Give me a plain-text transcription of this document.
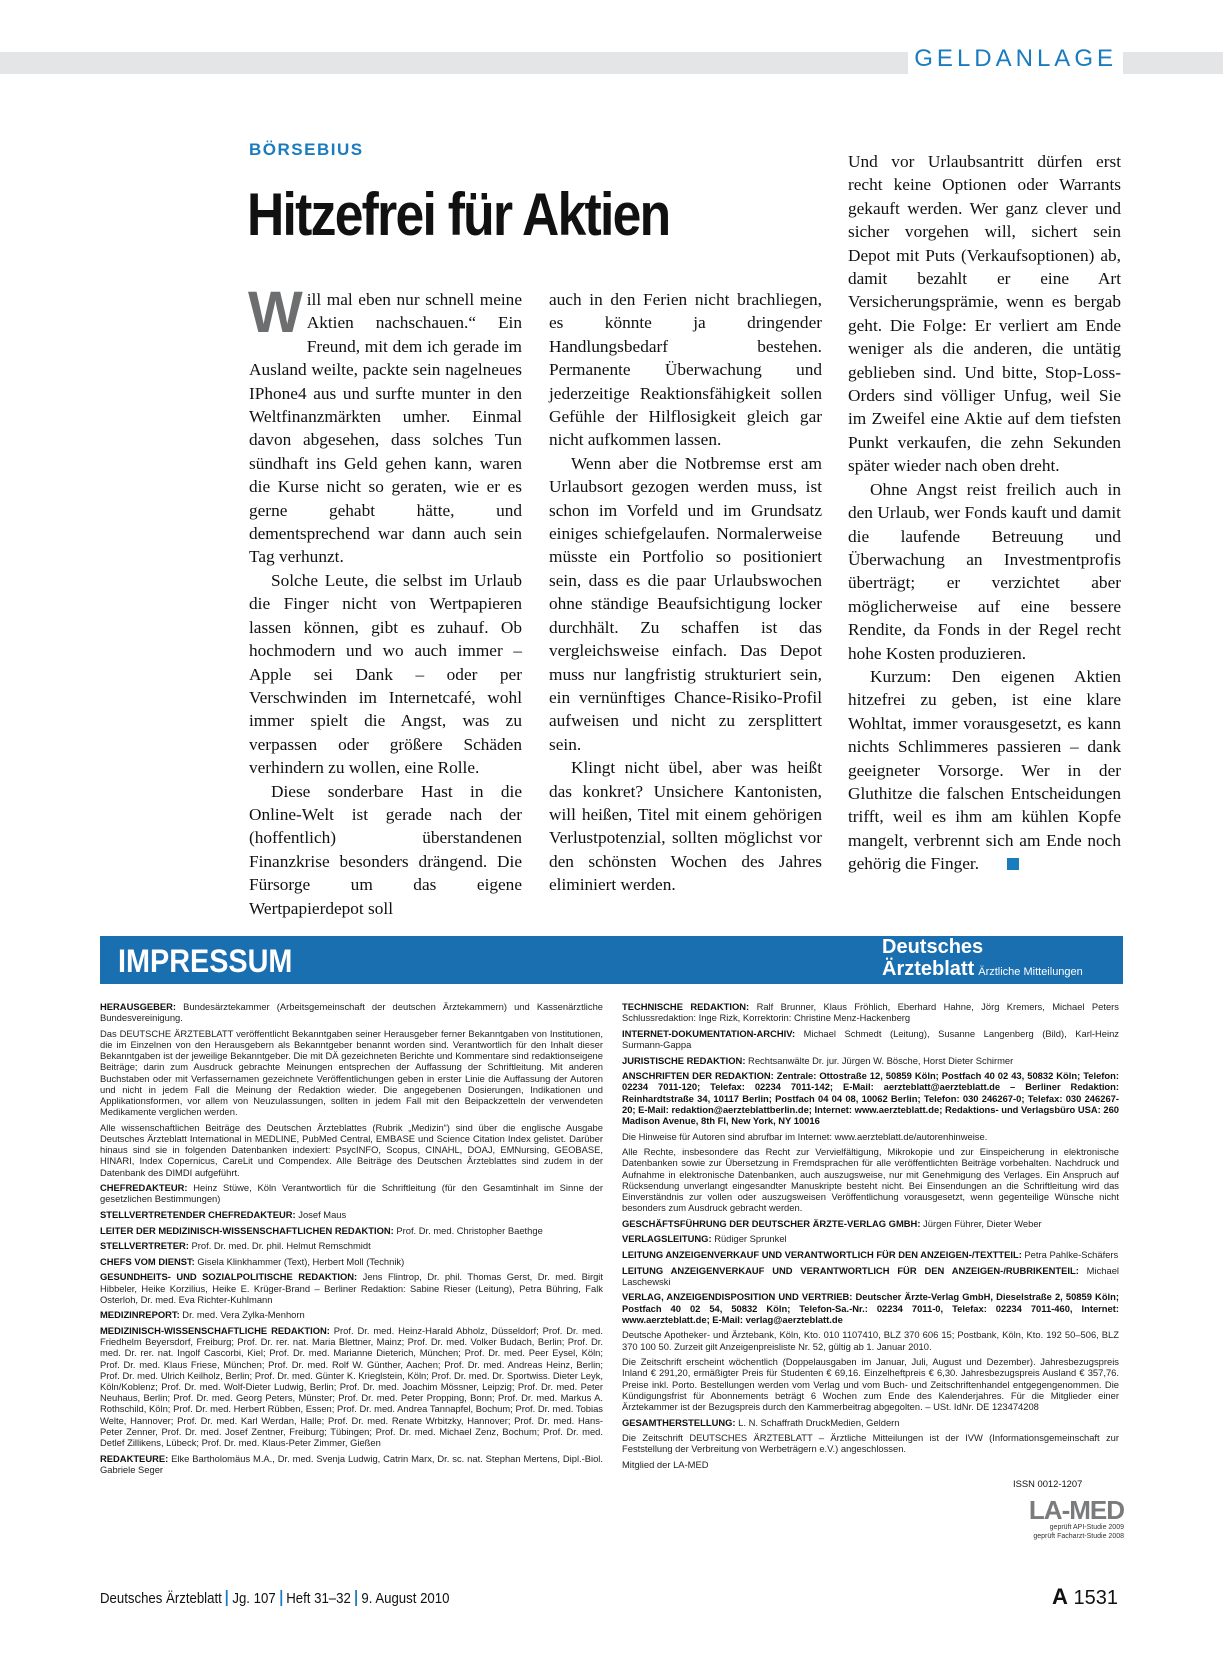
GELDANLAGE
BÖRSEBIUS
Hitzefrei für Aktien

Will mal eben nur schnell meine Aktien nachschauen.“ Ein Freund, mit dem ich gerade im Ausland weilte, packte sein nagelneues IPhone4 aus und surfte munter in den Weltfinanzmärkten umher. Einmal davon abgesehen, dass solches Tun sündhaft ins Geld gehen kann, waren die Kurse nicht so geraten, wie er es gerne gehabt hätte, und dementsprechend war dann auch sein Tag verhunzt.

Solche Leute, die selbst im Urlaub die Finger nicht von Wertpapieren lassen können, gibt es zuhauf. Ob hochmodern und wo auch immer – Apple sei Dank – oder per Verschwinden im Internetcafé, wohl immer spielt die Angst, was zu verpassen oder größere Schäden verhindern zu wollen, eine Rolle.

Diese sonderbare Hast in die Online-Welt ist gerade nach der (hoffentlich) überstandenen Finanzkrise besonders drängend. Die Fürsorge um das eigene Wertpapierdepot soll

auch in den Ferien nicht brachliegen, es könnte ja dringender Handlungsbedarf bestehen. Permanente Überwachung und jederzeitige Reaktionsfähigkeit sollen Gefühle der Hilflosigkeit gleich gar nicht aufkommen lassen.

Wenn aber die Notbremse erst am Urlaubsort gezogen werden muss, ist schon im Vorfeld und im Grundsatz einiges schiefgelaufen. Normalerweise müsste ein Portfolio so positioniert sein, dass es die paar Urlaubswochen ohne ständige Beaufsichtigung locker durchhält. Zu schaffen ist das vergleichsweise einfach. Das Depot muss nur langfristig strukturiert sein, ein vernünftiges Chance-Risiko-Profil aufweisen und nicht zu zersplittert sein.

Klingt nicht übel, aber was heißt das konkret? Unsichere Kantonisten, will heißen, Titel mit einem gehörigen Verlustpotenzial, sollten möglichst vor den schönsten Wochen des Jahres eliminiert werden.

Und vor Urlaubsantritt dürfen erst recht keine Optionen oder Warrants gekauft werden. Wer ganz clever und sicher vorgehen will, sichert sein Depot mit Puts (Verkaufsoptionen) ab, damit bezahlt er eine Art Versicherungsprämie, wenn es bergab geht. Die Folge: Er verliert am Ende weniger als die anderen, die untätig geblieben sind. Und bitte, Stop-Loss-Orders sind völliger Unfug, weil Sie im Zweifel eine Aktie auf dem tiefsten Punkt verkaufen, die zehn Sekunden später wieder nach oben dreht.

Ohne Angst reist freilich auch in den Urlaub, wer Fonds kauft und damit die laufende Betreuung und Überwachung an Investmentprofis überträgt; er verzichtet aber möglicherweise auf eine bessere Rendite, da Fonds in der Regel recht hohe Kosten produzieren.

Kurzum: Den eigenen Aktien hitzefrei zu geben, ist eine klare Wohltat, immer vorausgesetzt, es kann nichts Schlimmeres passieren – dank geeigneter Vorsorge. Wer in der Gluthitze die falschen Entscheidungen trifft, weil es ihm am kühlen Kopfe mangelt, verbrennt sich am Ende noch gehörig die Finger.

IMPRESSUM	Deutsches
Ärzteblatt Ärztliche Mitteilungen
HERAUSGEBER: Bundesärztekammer (Arbeitsgemeinschaft der deutschen Ärztekammern) und Kassenärztliche Bundesvereinigung.
Das DEUTSCHE ÄRZTEBLATT veröffentlicht Bekanntgaben seiner Herausgeber ferner Bekanntgaben von Institutionen, die im Einzelnen von den Herausgebern als Bekanntgeber benannt worden sind. Verantwortlich für den Inhalt dieser Bekanntgaben ist der jeweilige Bekanntgeber. Die mit DÄ gezeichneten Berichte und Kommentare sind redaktionseigene Beiträge; darin zum Ausdruck gebrachte Meinungen entsprechen der Auffassung der Schriftleitung. Mit anderen Buchstaben oder mit Verfassernamen gezeichnete Veröffentlichungen geben in erster Linie die Auffassung der Autoren und nicht in jedem Fall die Meinung der Redaktion wieder. Die angegebenen Dosierungen, Indikationen und Applikationsformen, vor allem von Neuzulassungen, sollten in jedem Fall mit den Beipackzetteln der verwendeten Medikamente verglichen werden.
Alle wissenschaftlichen Beiträge des Deutschen Ärzteblattes (Rubrik „Medizin“) sind über die englische Ausgabe Deutsches Ärzteblatt International in MEDLINE, PubMed Central, EMBASE und Science Citation Index gelistet. Darüber hinaus sind sie in folgenden Datenbanken indexiert: PsycINFO, Scopus, CINAHL, DOAJ, EMNursing, GEOBASE, HINARI, Index Copernicus, CareLit und Compendex. Alle Beiträge des Deutschen Ärzteblattes sind zudem in der Datenbank des DIMDI aufgeführt.
CHEFREDAKTEUR: Heinz Stüwe, Köln Verantwortlich für die Schriftleitung (für den Gesamtinhalt im Sinne der gesetzlichen Bestimmungen)
STELLVERTRETENDER CHEFREDAKTEUR: Josef Maus
LEITER DER MEDIZINISCH-WISSENSCHAFTLICHEN REDAKTION: Prof. Dr. med. Christopher Baethge
STELLVERTRETER: Prof. Dr. med. Dr. phil. Helmut Remschmidt
CHEFS VOM DIENST: Gisela Klinkhammer (Text), Herbert Moll (Technik)
GESUNDHEITS- UND SOZIALPOLITISCHE REDAKTION: Jens Flintrop, Dr. phil. Thomas Gerst, Dr. med. Birgit Hibbeler, Heike Korzilius, Heike E. Krüger-Brand – Berliner Redaktion: Sabine Rieser (Leitung), Petra Bühring, Falk Osterloh, Dr. med. Eva Richter-Kuhlmann
MEDIZINREPORT: Dr. med. Vera Zylka-Menhorn
MEDIZINISCH-WISSENSCHAFTLICHE REDAKTION: Prof. Dr. med. Heinz-Harald Abholz, Düsseldorf; Prof. Dr. med. Friedhelm Beyersdorf, Freiburg; Prof. Dr. rer. nat. Maria Blettner, Mainz; Prof. Dr. med. Volker Budach, Berlin; Prof. Dr. med. Dr. rer. nat. Ingolf Cascorbi, Kiel; Prof. Dr. med. Marianne Dieterich, München; Prof. Dr. med. Peer Eysel, Köln; Prof. Dr. med. Klaus Friese, München; Prof. Dr. med. Rolf W. Günther, Aachen; Prof. Dr. med. Andreas Heinz, Berlin; Prof. Dr. med. Ulrich Keilholz, Berlin; Prof. Dr. med. Günter K. Krieglstein, Köln; Prof. Dr. med. Dr. Sportwiss. Dieter Leyk, Köln/Koblenz; Prof. Dr. med. Wolf-Dieter Ludwig, Berlin; Prof. Dr. med. Joachim Mössner, Leipzig; Prof. Dr. med. Peter Neuhaus, Berlin; Prof. Dr. med. Georg Peters, Münster; Prof. Dr. med. Peter Propping, Bonn; Prof. Dr. med. Markus A. Rothschild, Köln; Prof. Dr. med. Herbert Rübben, Essen; Prof. Dr. med. Andrea Tannapfel, Bochum; Prof. Dr. med. Tobias Welte, Hannover; Prof. Dr. med. Karl Werdan, Halle; Prof. Dr. med. Renate Wrbitzky, Hannover; Prof. Dr. med. Hans-Peter Zenner, Prof. Dr. med. Josef Zentner, Freiburg; Tübingen; Prof. Dr. med. Michael Zenz, Bochum; Prof. Dr. med. Detlef Zillikens, Lübeck; Prof. Dr. med. Klaus-Peter Zimmer, Gießen
REDAKTEURE: Elke Bartholomäus M.A., Dr. med. Svenja Ludwig, Catrin Marx, Dr. sc. nat. Stephan Mertens, Dipl.-Biol. Gabriele Seger
TECHNISCHE REDAKTION: Ralf Brunner, Klaus Fröhlich, Eberhard Hahne, Jörg Kremers, Michael Peters Schlussredaktion: Inge Rizk, Korrektorin: Christine Menz-Hackenberg
INTERNET-DOKUMENTATION-ARCHIV: Michael Schmedt (Leitung), Susanne Langenberg (Bild), Karl-Heinz Surmann-Gappa
JURISTISCHE REDAKTION: Rechtsanwälte Dr. jur. Jürgen W. Bösche, Horst Dieter Schirmer
ANSCHRIFTEN DER REDAKTION: Zentrale: Ottostraße 12, 50859 Köln; Postfach 40 02 43, 50832 Köln; Telefon: 02234 7011-120; Telefax: 02234 7011-142; E-Mail: aerzteblatt@aerzteblatt.de – Berliner Redaktion: Reinhardtstraße 34, 10117 Berlin; Postfach 04 04 08, 10062 Berlin; Telefon: 030 246267-0; Telefax: 030 246267-20; E-Mail: redaktion@aerzteblattberlin.de; Internet: www.aerzteblatt.de; Redaktions- und Verlagsbüro USA: 260 Madison Avenue, 8th Fl, New York, NY 10016
Die Hinweise für Autoren sind abrufbar im Internet: www.aerzteblatt.de/autorenhinweise.
Alle Rechte, insbesondere das Recht zur Vervielfältigung, Mikrokopie und zur Einspeicherung in elektronische Datenbanken sowie zur Übersetzung in Fremdsprachen für alle veröffentlichten Beiträge vorbehalten. Nachdruck und Aufnahme in elektronische Datenbanken, auch auszugsweise, nur mit Genehmigung des Verlages. Ein Anspruch auf Rücksendung unverlangt eingesandter Manuskripte besteht nicht. Bei Einsendungen an die Schriftleitung wird das Einverständnis zur vollen oder auszugsweisen Veröffentlichung vorausgesetzt, wenn gegenteilige Wünsche nicht besonders zum Ausdruck gebracht werden.
GESCHÄFTSFÜHRUNG DER DEUTSCHER ÄRZTE-VERLAG GMBH: Jürgen Führer, Dieter Weber
VERLAGSLEITUNG: Rüdiger Sprunkel
LEITUNG ANZEIGENVERKAUF UND VERANTWORTLICH FÜR DEN ANZEIGEN-/TEXTTEIL: Petra Pahlke-Schäfers
LEITUNG ANZEIGENVERKAUF UND VERANTWORTLICH FÜR DEN ANZEIGEN-/RUBRIKENTEIL: Michael Laschewski
VERLAG, ANZEIGENDISPOSITION UND VERTRIEB: Deutscher Ärzte-Verlag GmbH, Dieselstraße 2, 50859 Köln; Postfach 40 02 54, 50832 Köln; Telefon-Sa.-Nr.: 02234 7011-0, Telefax: 02234 7011-460, Internet: www.aerzteblatt.de; E-Mail: verlag@aerzteblatt.de
Deutsche Apotheker- und Ärztebank, Köln, Kto. 010 1107410, BLZ 370 606 15; Postbank, Köln, Kto. 192 50–506, BLZ 370 100 50. Zurzeit gilt Anzeigenpreisliste Nr. 52, gültig ab 1. Januar 2010.
Die Zeitschrift erscheint wöchentlich (Doppelausgaben im Januar, Juli, August und Dezember). Jahresbezugspreis Inland € 291,20, ermäßigter Preis für Studenten € 69,16. Einzelheftpreis € 6,30. Jahresbezugspreis Ausland € 357,76. Preise inkl. Porto. Bestellungen werden vom Verlag und vom Buch- und Zeitschriftenhandel entgegengenommen. Die Kündigungsfrist für Abonnements beträgt 6 Wochen zum Ende des Kalenderjahres. Für die Mitglieder einer Ärztekammer ist der Bezugspreis durch den Kammerbeitrag abgegolten. – USt. IdNr. DE 123474208
GESAMTHERSTELLUNG: L. N. Schaffrath DruckMedien, Geldern
Die Zeitschrift DEUTSCHES ÄRZTEBLATT – Ärztliche Mitteilungen ist der IVW (Informationsgemeinschaft zur Feststellung der Verbreitung von Werbeträgern e.V.) angeschlossen.
Mitglied der LA-MED
ISSN 0012-1207
LA-MED
geprüft API-Studie 2009
geprüft Facharzt-Studie 2008
Deutsches Ärzteblatt Jg. 107 Heft 31–32 9. August 2010	A 1531
